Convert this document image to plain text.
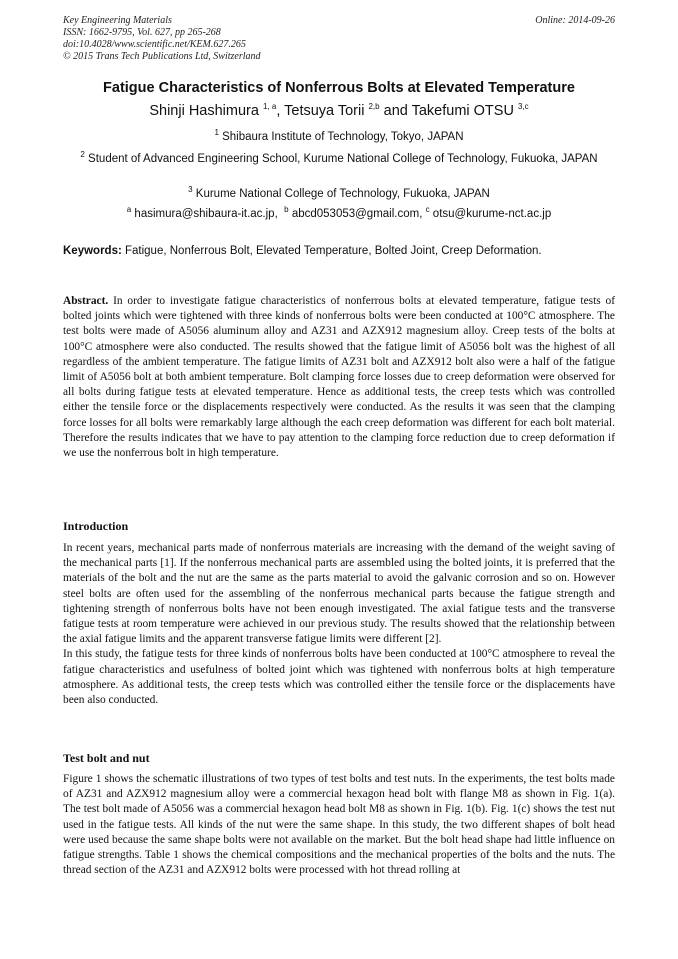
Key Engineering Materials
ISSN: 1662-9795, Vol. 627, pp 265-268
doi:10.4028/www.scientific.net/KEM.627.265
© 2015 Trans Tech Publications Ltd, Switzerland
Online: 2014-09-26
Fatigue Characteristics of Nonferrous Bolts at Elevated Temperature
Shinji Hashimura $^{1, a}$, Tetsuya Torii $^{2,b}$ and Takefumi OTSU $^{3,c}$
$^1$ Shibaura Institute of Technology, Tokyo, JAPAN
$^2$ Student of Advanced Engineering School, Kurume National College of Technology, Fukuoka, JAPAN
$^3$ Kurume National College of Technology, Fukuoka, JAPAN
$^a$ hasimura@shibaura-it.ac.jp, $^b$ abcd053053@gmail.com, $^c$ otsu@kurume-nct.ac.jp
Keywords: Fatigue, Nonferrous Bolt, Elevated Temperature, Bolted Joint, Creep Deformation.

Abstract. In order to investigate fatigue characteristics of nonferrous bolts at elevated temperature, fatigue tests of bolted joints which were tightened with three kinds of nonferrous bolts were been conducted at 100°C atmosphere. The test bolts were made of A5056 aluminum alloy and AZ31 and AZX912 magnesium alloy. Creep tests of the bolts at 100°C atmosphere were also conducted. The results showed that the fatigue limit of A5056 bolt was the highest of all regardless of the ambient temperature. The fatigue limits of AZ31 bolt and AZX912 bolt also were a half of the fatigue limit of A5056 bolt at both ambient temperature. Bolt clamping force losses due to creep deformation were observed for all bolts during fatigue tests at elevated temperature. Hence as additional tests, the creep tests which was controlled either the tensile force or the displacements respectively were conducted. As the results it was seen that the clamping force losses for all bolts were remarkably large although the each creep deformation was different for each bolt material. Therefore the results indicates that we have to pay attention to the clamping force reduction due to creep deformation if we use the nonferrous bolt in high temperature.

Introduction

In recent years, mechanical parts made of nonferrous materials are increasing with the demand of the weight saving of the mechanical parts [1]. If the nonferrous mechanical parts are assembled using the bolted joints, it is preferred that the materials of the bolt and the nut are the same as the parts material to avoid the galvanic corrosion and so on. However steel bolts are often used for the assembling of the nonferrous mechanical parts because the fatigue strength and tightening strength of nonferrous bolts have not been enough investigated. The axial fatigue tests and the transverse fatigue tests at room temperature were achieved in our previous study. The results showed that the relationship between the axial fatigue limits and the apparent transverse fatigue limits were different [2].

In this study, the fatigue tests for three kinds of nonferrous bolts have been conducted at 100°C atmosphere to reveal the fatigue characteristics and usefulness of bolted joint which was tightened with nonferrous bolts at high temperature atmosphere. As additional tests, the creep tests which was controlled either the tensile force or the displacements have been also conducted.

Test bolt and nut

Figure 1 shows the schematic illustrations of two types of test bolts and test nuts. In the experiments, the test bolts made of AZ31 and AZX912 magnesium alloy were a commercial hexagon head bolt with flange M8 as shown in Fig. 1(a). The test bolt made of A5056 was a commercial hexagon head bolt M8 as shown in Fig. 1(b). Fig. 1(c) shows the test nut used in the fatigue tests. All kinds of the nut were the same shape. In this study, the two different shapes of bolt head were used because the same shape bolts were not available on the market. But the bolt head shape had little influence on fatigue strengths. Table 1 shows the chemical compositions and the mechanical properties of the bolts and the nuts. The thread section of the AZ31 and AZX912 bolts were processed with hot thread rolling at
